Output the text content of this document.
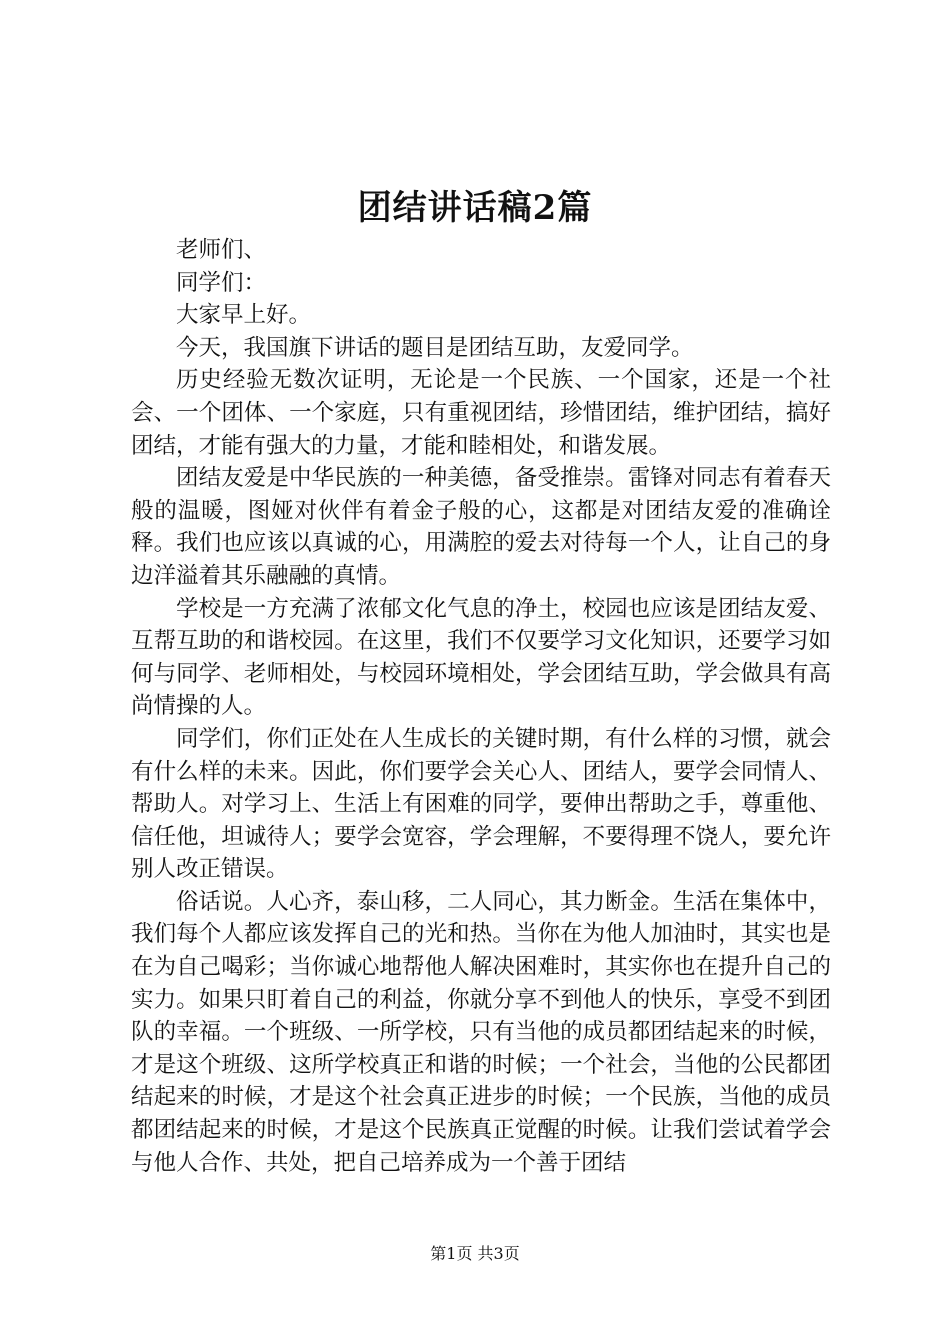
团结讲话稿2篇

老师们、

同学们：

大家早上好。

今天，我国旗下讲话的题目是团结互助，友爱同学。

历史经验无数次证明，无论是一个民族、一个国家，还是一个社会、一个团体、一个家庭，只有重视团结，珍惜团结，维护团结，搞好团结，才能有强大的力量，才能和睦相处，和谐发展。

团结友爱是中华民族的一种美德，备受推崇。雷锋对同志有着春天般的温暖，图娅对伙伴有着金子般的心，这都是对团结友爱的准确诠释。我们也应该以真诚的心，用满腔的爱去对待每一个人，让自己的身边洋溢着其乐融融的真情。

学校是一方充满了浓郁文化气息的净土，校园也应该是团结友爱、互帮互助的和谐校园。在这里，我们不仅要学习文化知识，还要学习如何与同学、老师相处，与校园环境相处，学会团结互助，学会做具有高尚情操的人。

同学们，你们正处在人生成长的关键时期，有什么样的习惯，就会有什么样的未来。因此，你们要学会关心人、团结人，要学会同情人、帮助人。对学习上、生活上有困难的同学，要伸出帮助之手，尊重他、信任他，坦诚待人；要学会宽容，学会理解，不要得理不饶人，要允许别人改正错误。

俗话说。人心齐，泰山移，二人同心，其力断金。生活在集体中，我们每个人都应该发挥自己的光和热。当你在为他人加油时，其实也是在为自己喝彩；当你诚心地帮他人解决困难时，其实你也在提升自己的实力。如果只盯着自己的利益，你就分享不到他人的快乐，享受不到团队的幸福。一个班级、一所学校，只有当他的成员都团结起来的时候，才是这个班级、这所学校真正和谐的时候；一个社会，当他的公民都团结起来的时候，才是这个社会真正进步的时候；一个民族，当他的成员都团结起来的时候，才是这个民族真正觉醒的时候。让我们尝试着学会与他人合作、共处，把自己培养成为一个善于团结

第1页 共3页
